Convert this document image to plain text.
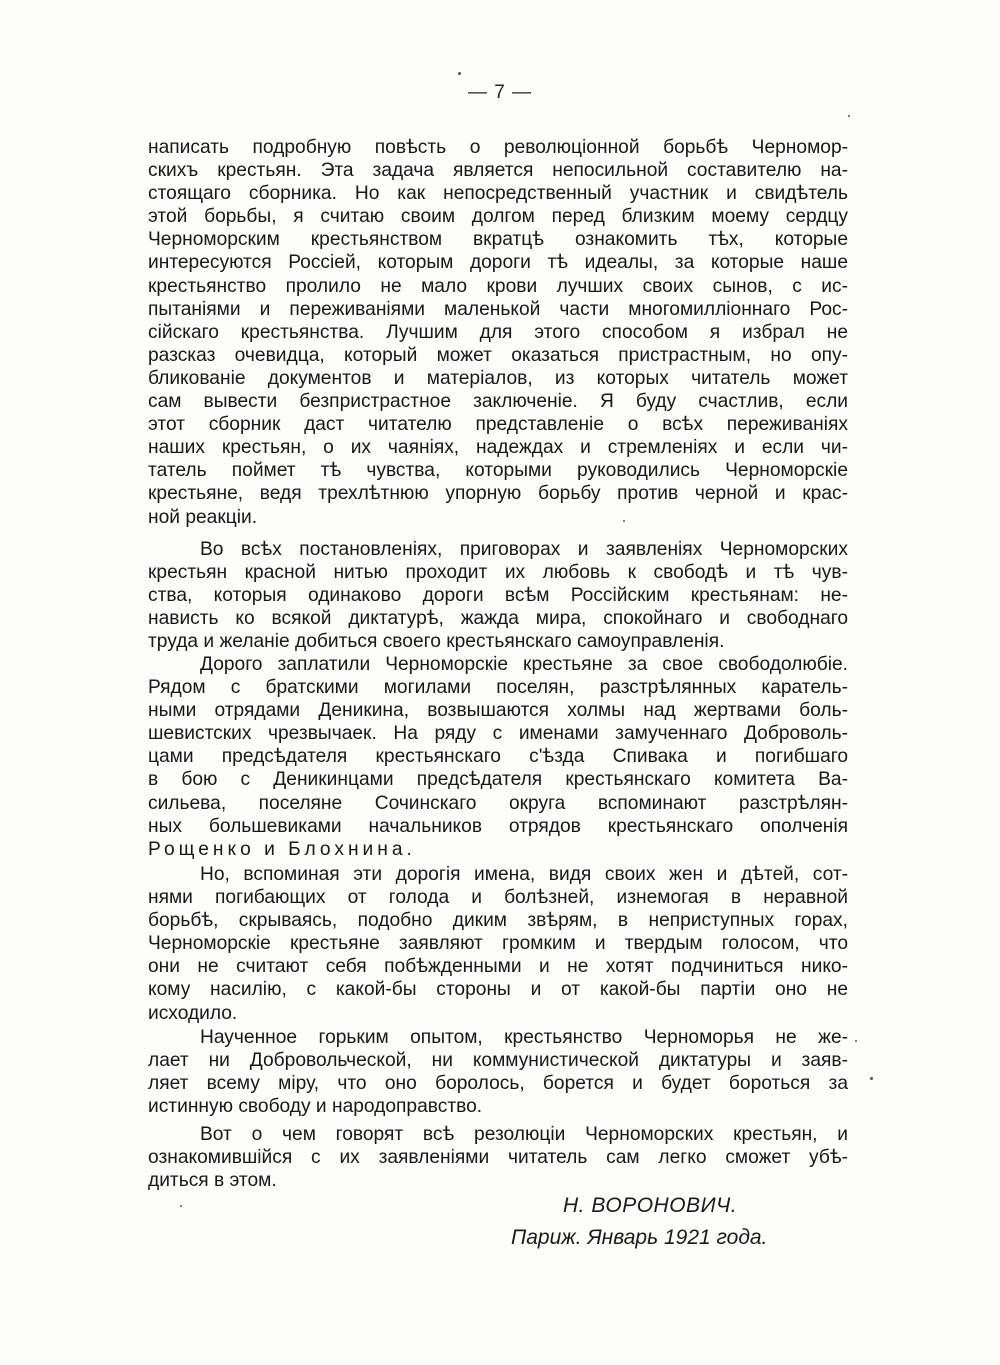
— 7 —
написать подробную повѣсть о революціонной борьбѣ Черномор-
скихъ крестьян. Эта задача является непосильной составителю на-
стоящаго сборника. Но как непосредственный участник и свидѣтель
этой борьбы, я считаю своим долгом перед близким моему сердцу
Черноморским крестьянством вкратцѣ ознакомить тѣх, которые
интересуются Россіей, которым дороги тѣ идеалы, за которые наше
крестьянство пролило не мало крови лучших своих сынов, с ис-
пытаніями и переживаніями маленькой части многомилліоннаго Рос-
сійскаго крестьянства. Лучшим для этого способом я избрал не
разсказ очевидца, который может оказаться пристрастным, но опу-
бликованіе документов и матеріалов, из которых читатель может
сам вывести безпристрастное заключеніе. Я буду счастлив, если
этот сборник даст читателю представленіе о всѣх переживаніях
наших крестьян, о их чаяніях, надеждах и стремленіях и если чи-
татель поймет тѣ чувства, которыми руководились Черноморскіе
крестьяне, ведя трехлѣтнюю упорную борьбу против черной и крас-
ной реакціи.
Во всѣх постановленіях, приговорах и заявленіях Черноморских
крестьян красной нитью проходит их любовь к свободѣ и тѣ чув-
ства, которыя одинаково дороги всѣм Россійским крестьянам: не-
нависть ко всякой диктатурѣ, жажда мира, спокойнаго и свободнаго
труда и желаніе добиться своего крестьянскаго самоуправленія.
Дорого заплатили Черноморскіе крестьяне за свое свободолюбіе.
Рядом с братскими могилами поселян, разстрѣлянных каратель-
ными отрядами Деникина, возвышаются холмы над жертвами боль-
шевистских чрезвычаек. На ряду с именами замученнаго Доброволь-
цами предсѣдателя крестьянскаго с'ѣзда Спивака и погибшаго
в бою с Деникинцами предсѣдателя крестьянскаго комитета Ва-
сильева, поселяне Сочинскаго округа вспоминают разстрѣлян-
ных большевиками начальников отрядов крестьянскаго ополченія
Рощенко и Блохнина.
Но, вспоминая эти дорогія имена, видя своих жен и дѣтей, сот-
нями погибающих от голода и болѣзней, изнемогая в неравной
борьбѣ, скрываясь, подобно диким звѣрям, в неприступных горах,
Черноморскіе крестьяне заявляют громким и твердым голосом, что
они не считают себя побѣжденными и не хотят подчиниться нико-
кому насилію, с какой-бы стороны и от какой-бы партіи оно не
исходило.
Наученное горьким опытом, крестьянство Черноморья не же-
лает ни Добровольческой, ни коммунистической диктатуры и заяв-
ляет всему міру, что оно боролось, борется и будет бороться за
истинную свободу и народоправство.
Вот о чем говорят всѣ резолюціи Черноморских крестьян, и
ознакомившійся с их заявленіями читатель сам легко сможет убѣ-
диться в этом.
Н. ВОРОНОВИЧ.
Париж. Январь 1921 года.
